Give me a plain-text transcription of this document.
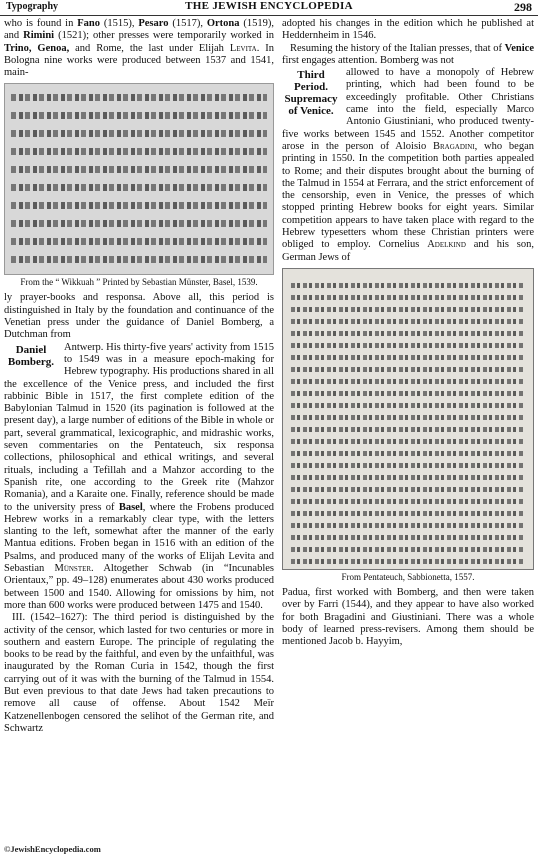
THE JEWISH ENCYCLOPEDIA
Typography	298

who is found in Fano (1515), Pesaro (1517), Ortona (1519), and Rimini (1521); other presses were temporarily worked in Trino, Genoa, and Rome, the last under Elijah Levita. In Bologna nine works were produced between 1537 and 1541, main-

From the “ Wikkuah ” Printed by Sebastian Münster, Basel, 1539.

ly prayer-books and responsa. Above all, this period is distinguished in Italy by the foundation and continuance of the Venetian press under the guidance of Daniel Bomberg, a Dutchman from

Daniel Bomberg.

Antwerp. His thirty-five years' activity from 1515 to 1549 was in a measure epoch-making for Hebrew typography. His productions shared in all the excellence of the Venice press, and included the first rabbinic Bible in 1517, the first complete edition of the Babylonian Talmud in 1520 (its pagination is followed at the present day), a large number of editions of the Bible in whole or part, several grammatical, lexicographic, and midrashic works, seven commentaries on the Pentateuch, six responsa collections, philosophical and ethical writings, and several rituals, including a Tefillah and a Mahzor according to the Spanish rite, one according to the Greek rite (Mahzor Romania), and a Karaite one. Finally, reference should be made to the university press of Basel, where the Frobens produced Hebrew works in a remarkably clear type, with the letters slanting to the left, somewhat after the manner of the early Mantua editions. Froben began in 1516 with an edition of the Psalms, and produced many of the works of Elijah Levita and Sebastian Münster. Altogether Schwab (in “Incunables Orientaux,” pp. 49–128) enumerates about 430 works produced between 1500 and 1540. Allowing for omissions by him, not more than 600 works were produced between 1475 and 1540.

III. (1542–1627): The third period is distinguished by the activity of the censor, which lasted for two centuries or more in southern and eastern Europe. The principle of regulating the books to be read by the faithful, and even by the unfaithful, was inaugurated by the Roman Curia in 1542, though the first carrying out of it was with the burning of the Talmud in 1554. But even previous to that date Jews had taken precautions to remove all cause of offense. About 1542 Meïr Katzenellenbogen censored the selihot of the German rite, and Schwartz

adopted his changes in the edition which he published at Heddernheim in 1546.

Resuming the history of the Italian presses, that of Venice first engages attention. Bomberg was not

Third Period. Supremacy of Venice.

allowed to have a monopoly of Hebrew printing, which had been found to be exceedingly profitable. Other Christians came into the field, especially Marco Antonio Giustiniani, who produced twenty-five works between 1545 and 1552. Another competitor arose in the person of Aloisio Bragadini, who began printing in 1550. In the competition both parties appealed to Rome; and their disputes brought about the burning of the Talmud in 1554 at Ferrara, and the strict enforcement of the censorship, even in Venice, the presses of which stopped printing Hebrew books for eight years. Similar competition appears to have taken place with regard to the Hebrew typesetters whom these Christian printers were obliged to employ. Cornelius Adelkind and his son, German Jews of

From Pentateuch, Sabbionetta, 1557.

Padua, first worked with Bomberg, and then were taken over by Farri (1544), and they appear to have also worked for both Bragadini and Giustiniani. There was a whole body of learned press-revisers. Among them should be mentioned Jacob b. Hayyim,

©JewishEncyclopedia.com
